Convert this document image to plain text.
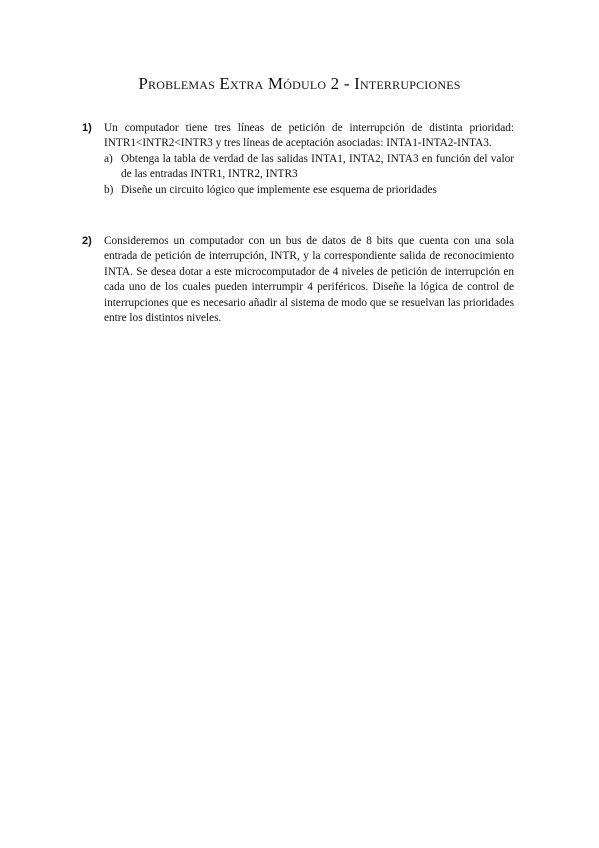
Problemas Extra Módulo 2 - Interrupciones
1) Un computador tiene tres líneas de petición de interrupción de distinta prioridad: INTR1<INTR2<INTR3 y tres líneas de aceptación asociadas: INTA1-INTA2-INTA3.
a) Obtenga la tabla de verdad de las salidas INTA1, INTA2, INTA3 en función del valor de las entradas INTR1, INTR2, INTR3
b) Diseñe un circuito lógico que implemente ese esquema de prioridades
2) Consideremos un computador con un bus de datos de 8 bits que cuenta con una sola entrada de petición de interrupción, INTR, y la correspondiente salida de reconocimiento INTA. Se desea dotar a este microcomputador de 4 niveles de petición de interrupción en cada uno de los cuales pueden interrumpir 4 periféricos. Diseñe la lógica de control de interrupciones que es necesario añadir al sistema de modo que se resuelvan las prioridades entre los distintos niveles.
